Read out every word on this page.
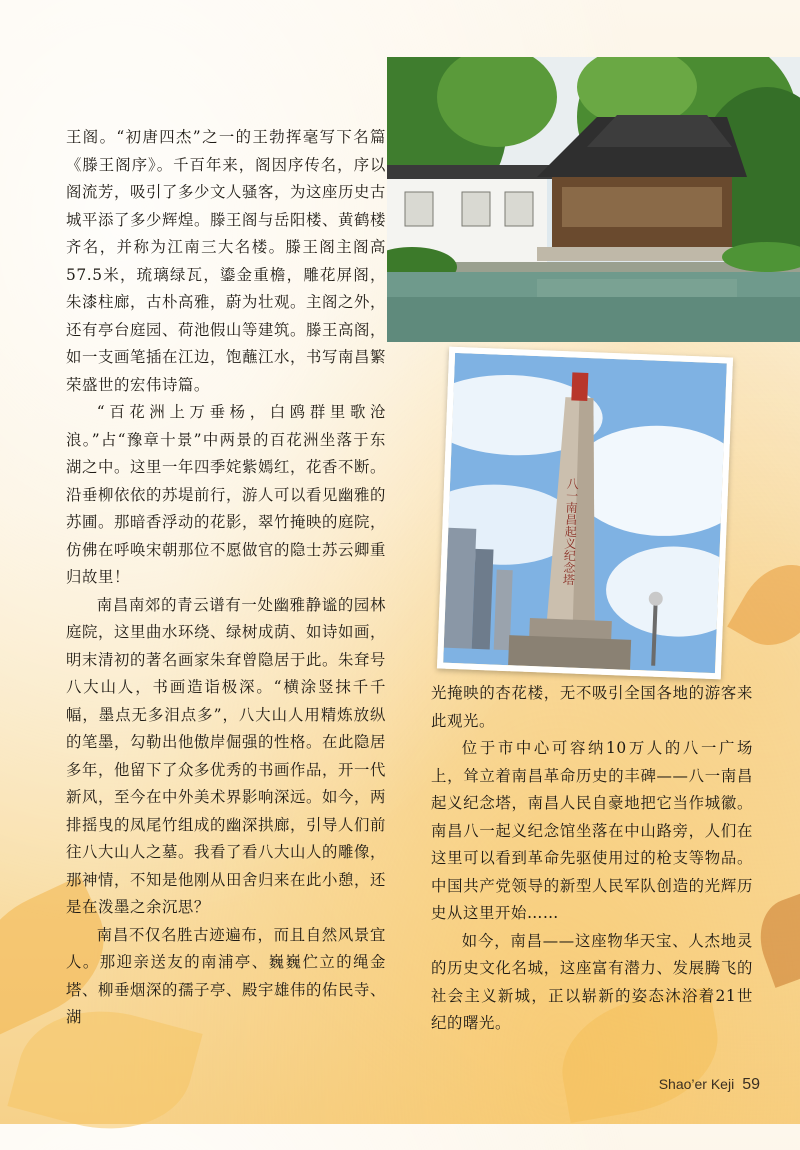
王阁。“初唐四杰”之一的王勃挥毫写下名篇《滕王阁序》。千百年来，阁因序传名，序以阁流芳，吸引了多少文人骚客，为这座历史古城平添了多少辉煌。滕王阁与岳阳楼、黄鹤楼齐名，并称为江南三大名楼。滕王阁主阁高57.5米，琉璃绿瓦，鎏金重檐，雕花屏阁，朱漆柱廊，古朴高雅，蔚为壮观。主阁之外，还有亭台庭园、荷池假山等建筑。滕王高阁，如一支画笔插在江边，饱蘸江水，书写南昌繁荣盛世的宏伟诗篇。

“百花洲上万垂杨，白鸥群里歌沧浪。”占“豫章十景”中两景的百花洲坐落于东湖之中。这里一年四季姹紫嫣红，花香不断。沿垂柳依依的苏堤前行，游人可以看见幽雅的苏圃。那暗香浮动的花影，翠竹掩映的庭院，仿佛在呼唤宋朝那位不愿做官的隐士苏云卿重归故里！

南昌南郊的青云谱有一处幽雅静谧的园林庭院，这里曲水环绕、绿树成荫、如诗如画，明末清初的著名画家朱耷曾隐居于此。朱耷号八大山人，书画造诣极深。“横涂竖抹千千幅，墨点无多泪点多”，八大山人用精炼放纵的笔墨，勾勒出他傲岸倔强的性格。在此隐居多年，他留下了众多优秀的书画作品，开一代新风，至今在中外美术界影响深远。如今，两排摇曳的凤尾竹组成的幽深拱廊，引导人们前往八大山人之墓。我看了看八大山人的雕像，那神情，不知是他刚从田舍归来在此小憩，还是在泼墨之余沉思？

南昌不仅名胜古迹遍布，而且自然风景宜人。那迎亲送友的南浦亭、巍巍伫立的绳金塔、柳垂烟深的孺子亭、殿宇雄伟的佑民寺、湖

光掩映的杏花楼，无不吸引全国各地的游客来此观光。

位于市中心可容纳10万人的八一广场上，耸立着南昌革命历史的丰碑——八一南昌起义纪念塔，南昌人民自豪地把它当作城徽。南昌八一起义纪念馆坐落在中山路旁，人们在这里可以看到革命先驱使用过的枪支等物品。中国共产党领导的新型人民军队创造的光辉历史从这里开始……

如今，南昌——这座物华天宝、人杰地灵的历史文化名城，这座富有潜力、发展腾飞的社会主义新城，正以崭新的姿态沐浴着21世纪的曙光。

八一南昌起义纪念塔
Shao’er Keji 59
